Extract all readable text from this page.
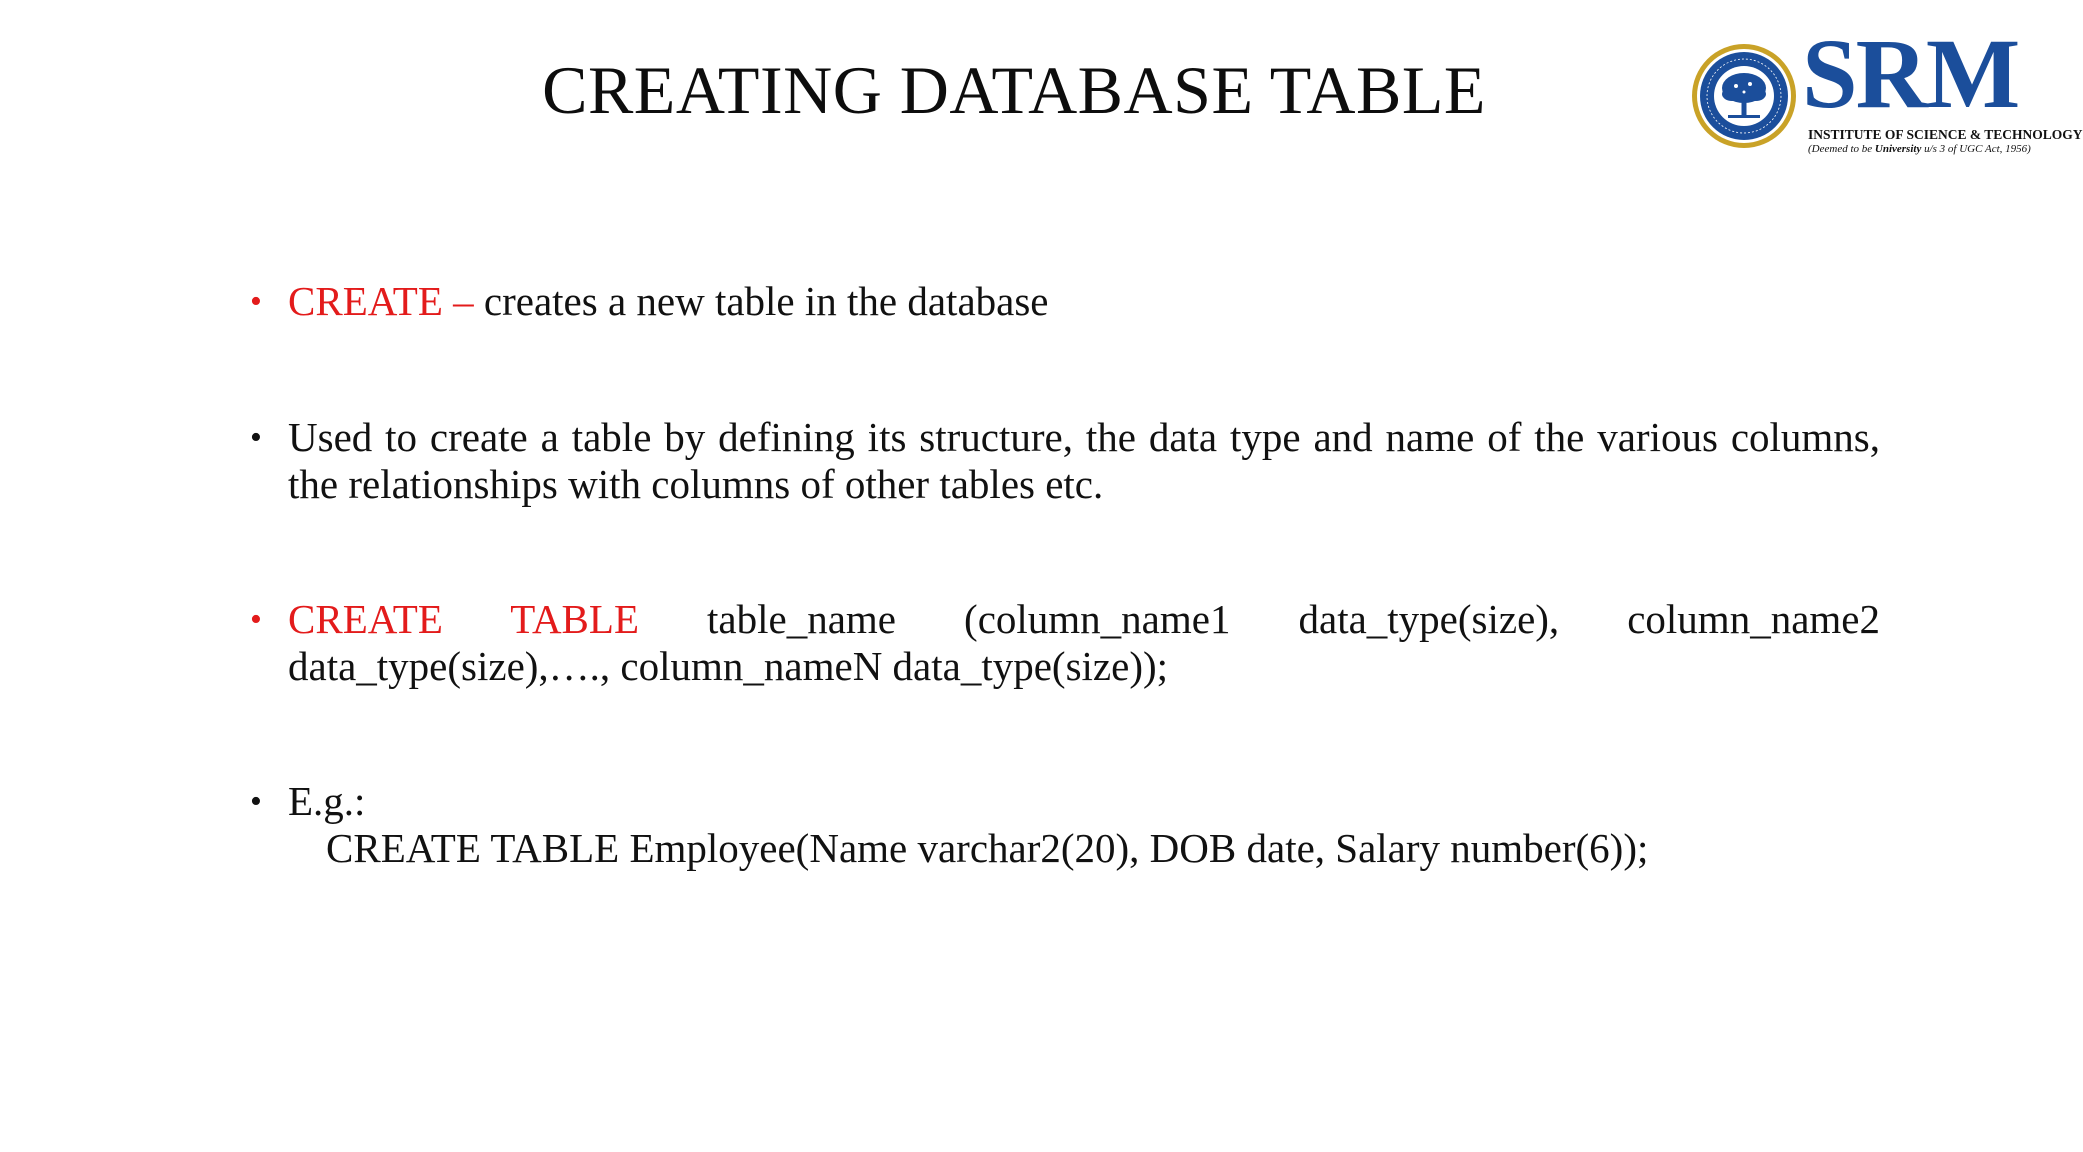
CREATING DATABASE TABLE	SRM
INSTITUTE OF SCIENCE & TECHNOLOGY
(Deemed to be University u/s 3 of UGC Act, 1956)
• CREATE – creates a new table in the database
• Used to create a table by defining its structure, the data type and name of the various columns, the relationships with columns of other tables etc.
• CREATE TABLE table_name (column_name1 data_type(size), column_name2 data_type(size),…., column_nameN data_type(size));
• E.g.:
CREATE TABLE Employee(Name varchar2(20), DOB date, Salary number(6));
